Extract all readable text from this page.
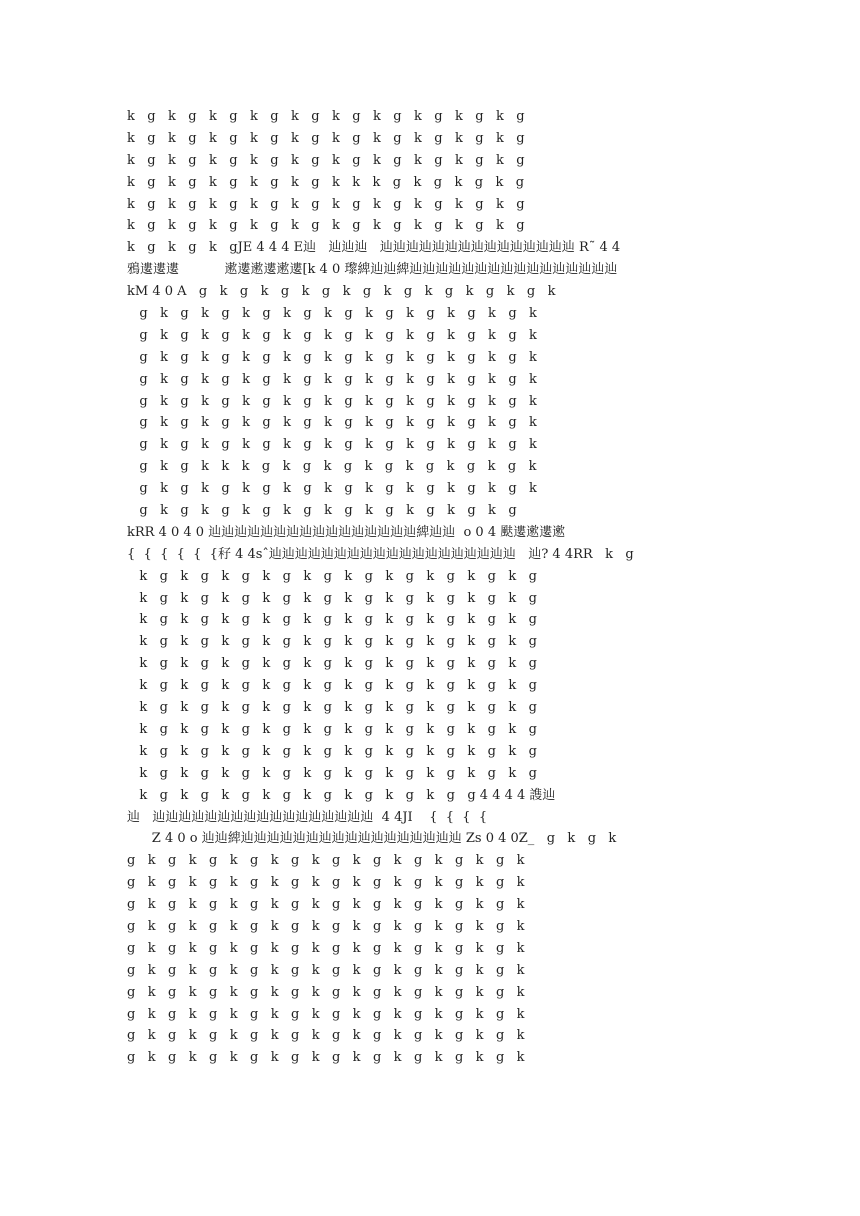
k   g   k   g   k   g   k   g   k   g   k   g   k   g   k   g   k   g   k   g
k   g   k   g   k   g   k   g   k   g   k   g   k   g   k   g   k   g   k   g
k   g   k   g   k   g   k   g   k   g   k   g   k   g   k   g   k   g   k   g
k   g   k   g   k   g   k   g   k   g   k   k   k   g   k   g   k   g   k   g
k   g   k   g   k   g   k   g   k   g   k   g   k   g   k   g   k   g   k   g
k   g   k   g   k   g   k   g   k   g   k   g   k   g   k   g   k   g   k   g
k   g   k   g   k   gJE 4 4 4 E辿   辿辿辿   辿辿辿辿辿辿辿辿辿辿辿辿辿辿辿 R˜ 4 4
鴉遱遱遱           遬遱遬遱遬遱[k 4 0 瓈綼辿辿綼辿辿辿辿辿辿辿辿辿辿辿辿辿辿辿辿
kM 4 0 A   g   k   g   k   g   k   g   k   g   k   g   k   g   k   g   k   g   k
g   k   g   k   g   k   g   k   g   k   g   k   g   k   g   k   g   k   g   k
g   k   g   k   g   k   g   k   g   k   g   k   g   k   g   k   g   k   g   k
g   k   g   k   g   k   g   k   g   k   g   k   g   k   g   k   g   k   g   k
g   k   g   k   g   k   g   k   g   k   g   k   g   k   g   k   g   k   g   k
g   k   g   k   g   k   g   k   g   k   g   k   g   k   g   k   g   k   g   k
g   k   g   k   g   k   g   k   g   k   g   k   g   k   g   k   g   k   g   k
g   k   g   k   g   k   g   k   g   k   g   k   g   k   g   k   g   k   g   k
g   k   g   k   k   k   g   k   g   k   g   k   g   k   g   k   g   k   g   k
g   k   g   k   g   k   g   k   g   k   g   k   g   k   g   k   g   k   g   k
g   k   g   k   g   k   g   k   g   k   g   k   g   k   g   k   g   k   g
kRR 4 0 4 0 辿辿辿辿辿辿辿辿辿辿辿辿辿辿辿辿綼辿辿  o 0 4 颫遱遬遱遬
{  {  {  {  {  {秄 4 4sˆ辿辿辿辿辿辿辿辿辿辿辿辿辿辿辿辿辿辿辿   辿? 4 4RR   k   g
k   g   k   g   k   g   k   g   k   g   k   g   k   g   k   g   k   g   k   g
k   g   k   g   k   g   k   g   k   g   k   g   k   g   k   g   k   g   k   g
k   g   k   g   k   g   k   g   k   g   k   g   k   g   k   g   k   g   k   g
k   g   k   g   k   g   k   g   k   g   k   g   k   g   k   g   k   g   k   g
k   g   k   g   k   g   k   g   k   g   k   g   k   g   k   g   k   g   k   g
k   g   k   g   k   g   k   g   k   g   k   g   k   g   k   g   k   g   k   g
k   g   k   g   k   g   k   g   k   g   k   g   k   g   k   g   k   g   k   g
k   g   k   g   k   g   k   g   k   g   k   g   k   g   k   g   k   g   k   g
k   g   k   g   k   g   k   g   k   g   k   g   k   g   k   g   k   g   k   g
k   g   k   g   k   g   k   g   k   g   k   g   k   g   k   g   k   g   k   g
k   g   k   g   k   g   k   g   k   g   k   g   k   g   k   g   g 4 4 4 4 謢辿
辿   辿辿辿辿辿辿辿辿辿辿辿辿辿辿辿辿辿  4 4JI    {  {  {  {
Z 4 0 o 辿辿綼辿辿辿辿辿辿辿辿辿辿辿辿辿辿辿辿辿 Zs 0 4 0Z_   g   k   g   k
g   k   g   k   g   k   g   k   g   k   g   k   g   k   g   k   g   k   g   k
g   k   g   k   g   k   g   k   g   k   g   k   g   k   g   k   g   k   g   k
g   k   g   k   g   k   g   k   g   k   g   k   g   k   g   k   g   k   g   k
g   k   g   k   g   k   g   k   g   k   g   k   g   k   g   k   g   k   g   k
g   k   g   k   g   k   g   k   g   k   g   k   g   k   g   k   g   k   g   k
g   k   g   k   g   k   g   k   g   k   g   k   g   k   g   k   g   k   g   k
g   k   g   k   g   k   g   k   g   k   g   k   g   k   g   k   g   k   g   k
g   k   g   k   g   k   g   k   g   k   g   k   g   k   g   k   g   k   g   k
g   k   g   k   g   k   g   k   g   k   g   k   g   k   g   k   g   k   g   k
g   k   g   k   g   k   g   k   g   k   g   k   g   k   g   k   g   k   g   k
